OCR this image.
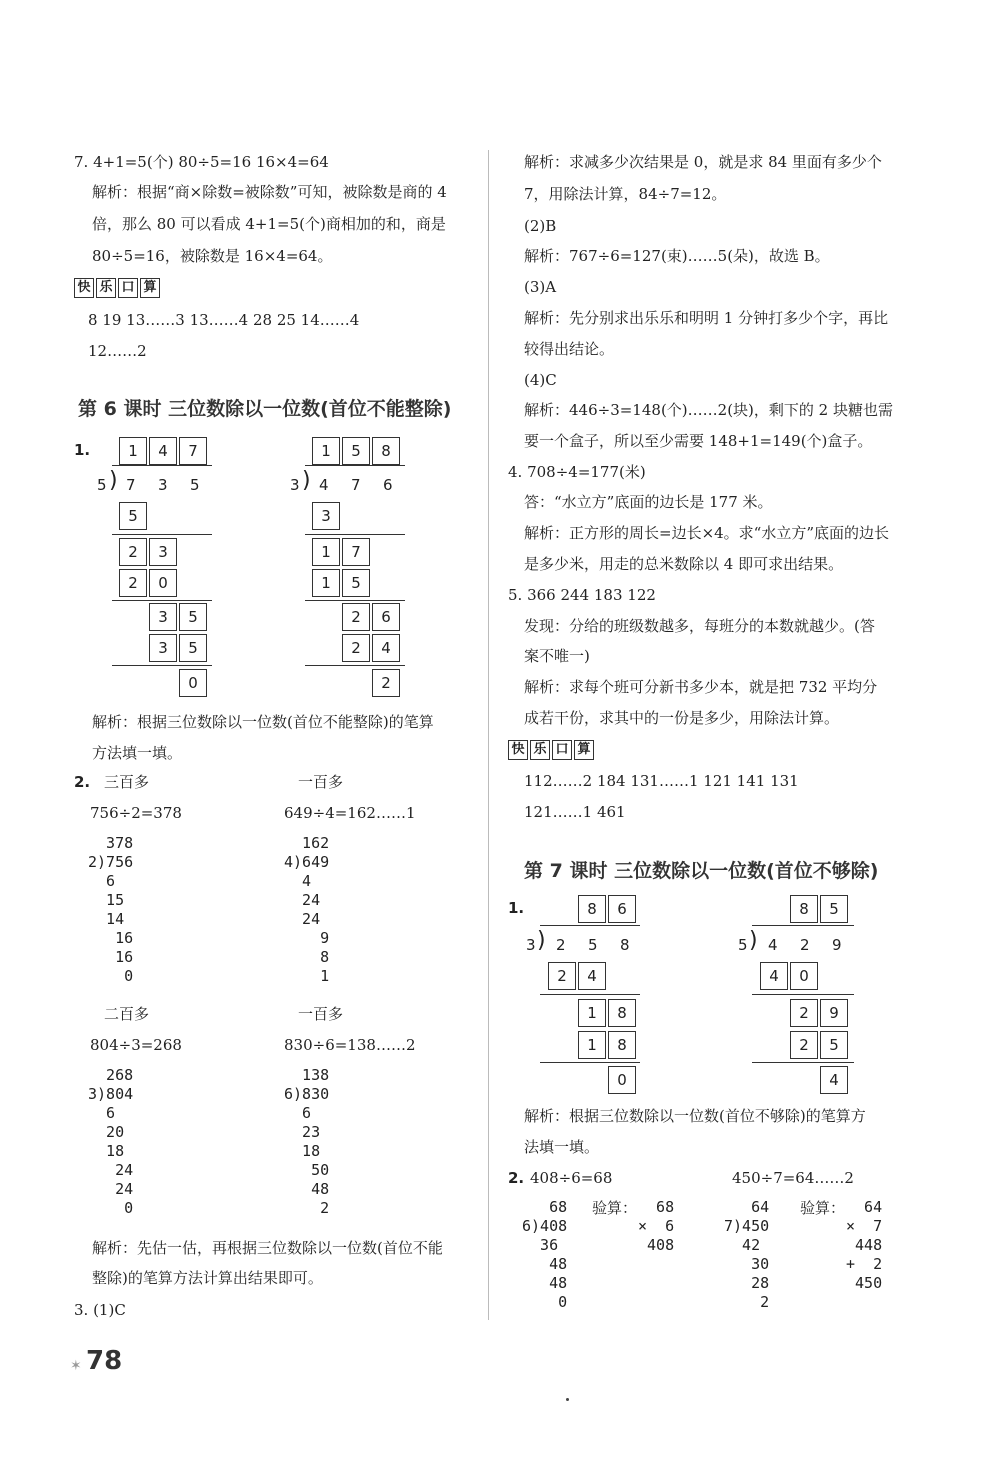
7. 4+1=5(个) 80÷5=16 16×4=64
解析：根据“商×除数=被除数”可知，被除数是商的 4
倍，那么 80 可以看成 4+1=5(个)商相加的和，商是
80÷5=16，被除数是 16×4=64。
快 乐 口 算
8 19 13……3 13……4 28 25 14……4
12……2
第 6 课时 三位数除以一位数(首位不能整除)
1.	1	4	7
5 ) 7 3 5
5
2	3
2	0
3	5
3	5
0
1	5	8
3 ) 4 7 6
3
1	7
1	5
2	6
2	4
2
解析：根据三位数除以一位数(首位不能整除)的笔算
方法填一填。
2. 三百多	一百多
756÷2=378	649÷4=162……1
378
2)756
6
15
14
16
16
0
162
4)649
4
24
24
9
8
1
二百多	一百多
804÷3=268	830÷6=138……2
268
3)804
6
20
18
24
24
0
138
6)830
6
23
18
50
48
2
解析：先估一估，再根据三位数除以一位数(首位不能
整除)的笔算方法计算出结果即可。
3. (1)C
✶ 78
解析：求减多少次结果是 0，就是求 84 里面有多少个
7，用除法计算，84÷7=12。
(2)B
解析：767÷6=127(束)……5(朵)，故选 B。
(3)A
解析：先分别求出乐乐和明明 1 分钟打多少个字，再比
较得出结论。
(4)C
解析：446÷3=148(个)……2(块)，剩下的 2 块糖也需
要一个盒子，所以至少需要 148+1=149(个)盒子。
4. 708÷4=177(米)
答：“水立方”底面的边长是 177 米。
解析：正方形的周长=边长×4。求“水立方”底面的边长
是多少米，用走的总米数除以 4 即可求出结果。
5. 366 244 183 122
发现：分给的班级数越多，每班分的本数就越少。(答
案不唯一)
解析：求每个班可分新书多少本，就是把 732 平均分
成若干份，求其中的一份是多少，用除法计算。
快 乐 口 算
112……2 184 131……1 121 141 131
121……1 461
第 7 课时 三位数除以一位数(首位不够除)
1.	8	6
3 ) 2 5 8
2	4
1	8
1	8
0
8	5
5 ) 4 2 9
4	0
2	9
2	5
4
解析：根据三位数除以一位数(首位不够除)的笔算方
法填一填。
2. 408÷6=68	450÷7=64……2
68
6)408
36
48
48
0
验算：	68
×  6
408
64
7)450
42
30
28
2
验算：	64
×  7
448
+  2
450
